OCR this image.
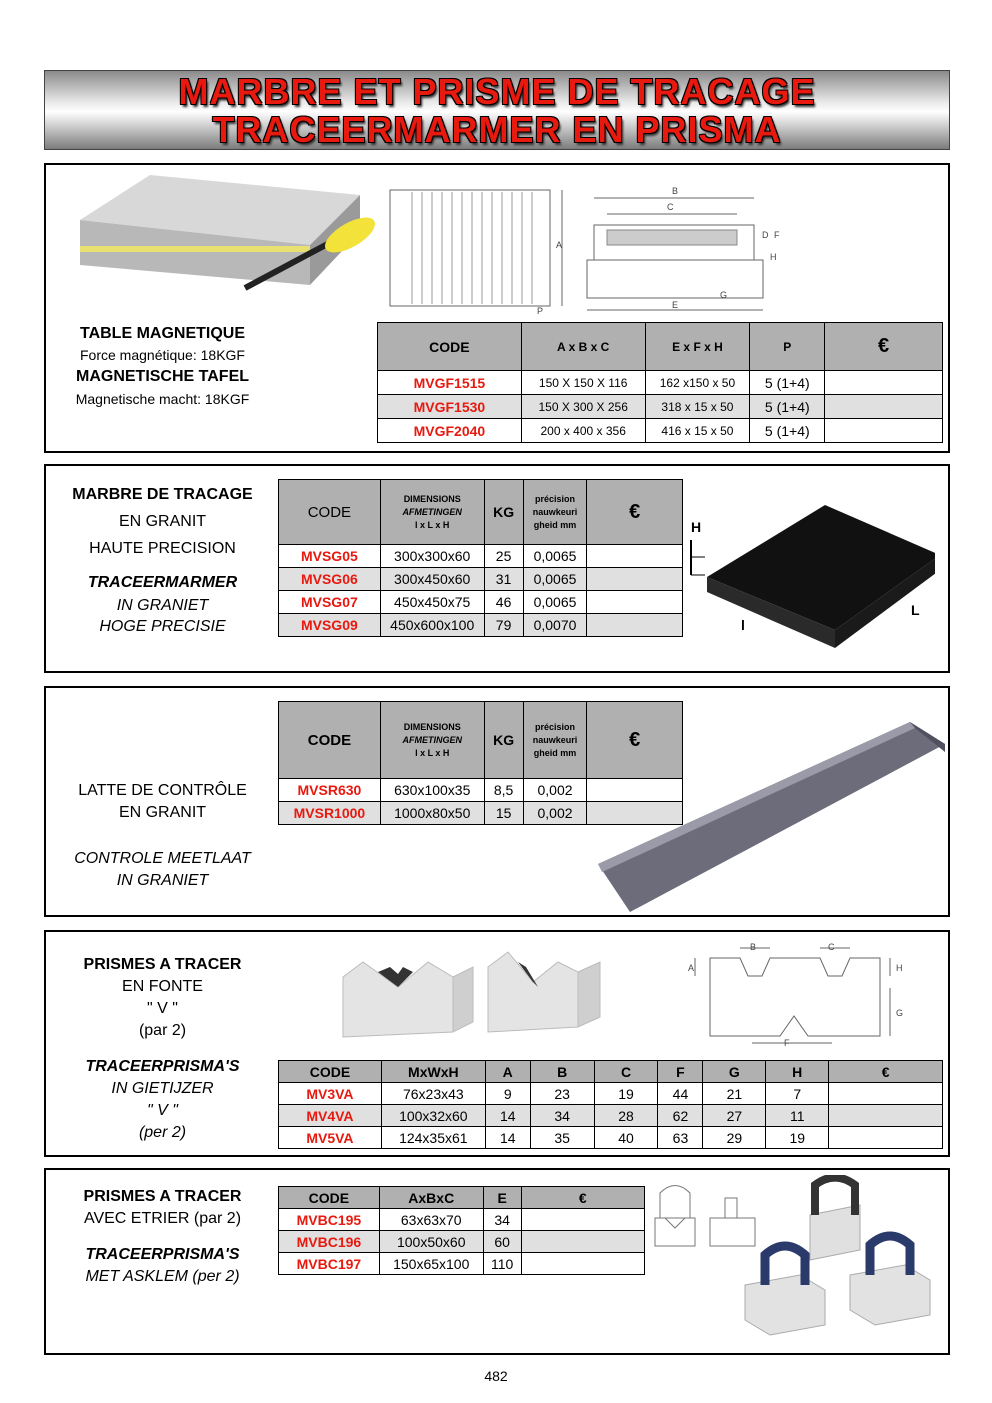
MARBRE ET PRISME DE TRACAGE
TRACEERMARMER EN PRISMA
A
P
B
C
E
G
H
D F
TABLE MAGNETIQUE
Force magnétique: 18KGF
MAGNETISCHE TAFEL
Magnetische macht: 18KGF
CODE	A x B x C	E x F x H	P	€
MVGF1515	150 X 150 X 116	162 x150 x 50	5 (1+4)	
MVGF1530	150 X 300 X 256	318 x 15 x 50	5 (1+4)	
MVGF2040	200 x 400 x 356	416 x 15 x 50	5 (1+4)	
MARBRE DE TRACAGE
EN GRANIT
HAUTE PRECISION
TRACEERMARMER
IN GRANIET
HOGE PRECISIE
CODE	DIMENSIONS
AFMETINGEN
l x L x H	KG	précision
nauwkeuri
gheid mm	€
MVSG05	300x300x60	25	0,0065	
MVSG06	300x450x60	31	0,0065	
MVSG07	450x450x75	46	0,0065	
MVSG09	450x600x100	79	0,0070	
H
l
L
LATTE DE CONTRÔLE
EN GRANIT
CONTROLE MEETLAAT
IN GRANIET
CODE	DIMENSIONS
AFMETINGEN
l x L x H	KG	précision
nauwkeuri
gheid mm	€
MVSR630	630x100x35	8,5	0,002	
MVSR1000	1000x80x50	15	0,002	
PRISMES A TRACER
EN FONTE
" V "
(par 2)
TRACEERPRISMA'S
IN GIETIJZER
" V "
(per 2)
B	C
A	H
G
F
CODE	MxWxH	A	B	C	F	G	H	€
MV3VA	76x23x43	9	23	19	44	21	7	
MV4VA	100x32x60	14	34	28	62	27	11	
MV5VA	124x35x61	14	35	40	63	29	19	
PRISMES A TRACER
AVEC ETRIER (par 2)
TRACEERPRISMA'S
MET ASKLEM (per 2)
CODE	AxBxC	E	€
MVBC195	63x63x70	34	
MVBC196	100x50x60	60	
MVBC197	150x65x100	110	
482
